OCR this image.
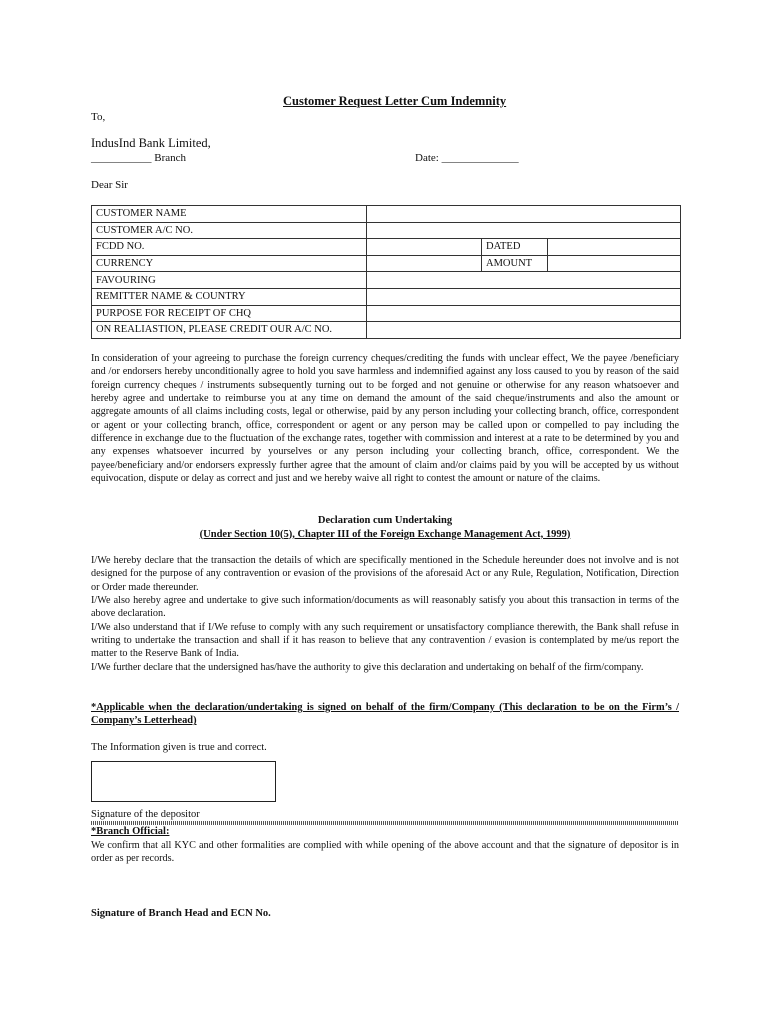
Customer Request Letter Cum Indemnity
To,
IndusInd Bank Limited,
___________ Branch	Date: ______________
Dear Sir
CUSTOMER NAME			
CUSTOMER A/C NO.			
FCDD NO.		DATED	
CURRENCY		AMOUNT	
FAVOURING			
REMITTER NAME & COUNTRY			
PURPOSE FOR RECEIPT OF CHQ			
ON REALIASTION, PLEASE CREDIT OUR A/C NO.			
In consideration of your agreeing to purchase the foreign currency cheques/crediting the funds with unclear effect, We the payee /beneficiary and /or endorsers hereby unconditionally agree to hold you save harmless and indemnified against any loss caused to you by reason of the said foreign currency cheques / instruments subsequently turning out to be forged and not genuine or otherwise for any reason whatsoever and hereby agree and undertake to reimburse you at any time on demand the amount of the said cheque/instruments and also the amount or aggregate amounts of all claims including costs, legal or otherwise, paid by any person including your collecting branch, office, correspondent or agent or your collecting branch, office, correspondent or agent or any person may be called upon or compelled to pay including the difference in exchange due to the fluctuation of the exchange rates, together with commission and interest at a rate to be determined by you and any expenses whatsoever incurred by yourselves or any person including your collecting branch, office, correspondent. We the payee/beneficiary and/or endorsers expressly further agree that the amount of claim and/or claims paid by you will be accepted by us without equivocation, dispute or delay as correct and just and we hereby waive all right to contest the amount or nature of the claims.
Declaration cum Undertaking
(Under Section 10(5), Chapter III of the Foreign Exchange Management Act, 1999)

I/We hereby declare that the transaction the details of which are specifically mentioned in the Schedule hereunder does not involve and is not designed for the purpose of any contravention or evasion of the provisions of the aforesaid Act or any Rule, Regulation, Notification, Direction or Order made thereunder.

I/We also hereby agree and undertake to give such information/documents as will reasonably satisfy you about this transaction in terms of the above declaration.

I/We also understand that if I/We refuse to comply with any such requirement or unsatisfactory compliance therewith, the Bank shall refuse in writing to undertake the transaction and shall if it has reason to believe that any contravention / evasion is contemplated by me/us report the matter to the Reserve Bank of India.

I/We further declare that the undersigned has/have the authority to give this declaration and undertaking on behalf of the firm/company.

*Applicable when the declaration/undertaking is signed on behalf of the firm/Company (This declaration to be on the Firm’s / Company’s Letterhead)
The Information given is true and correct.
Signature of the depositor
*Branch Official:
We confirm that all KYC and other formalities are complied with while opening of the above account and that the signature of depositor is in order as per records.
Signature of Branch Head and ECN No.
